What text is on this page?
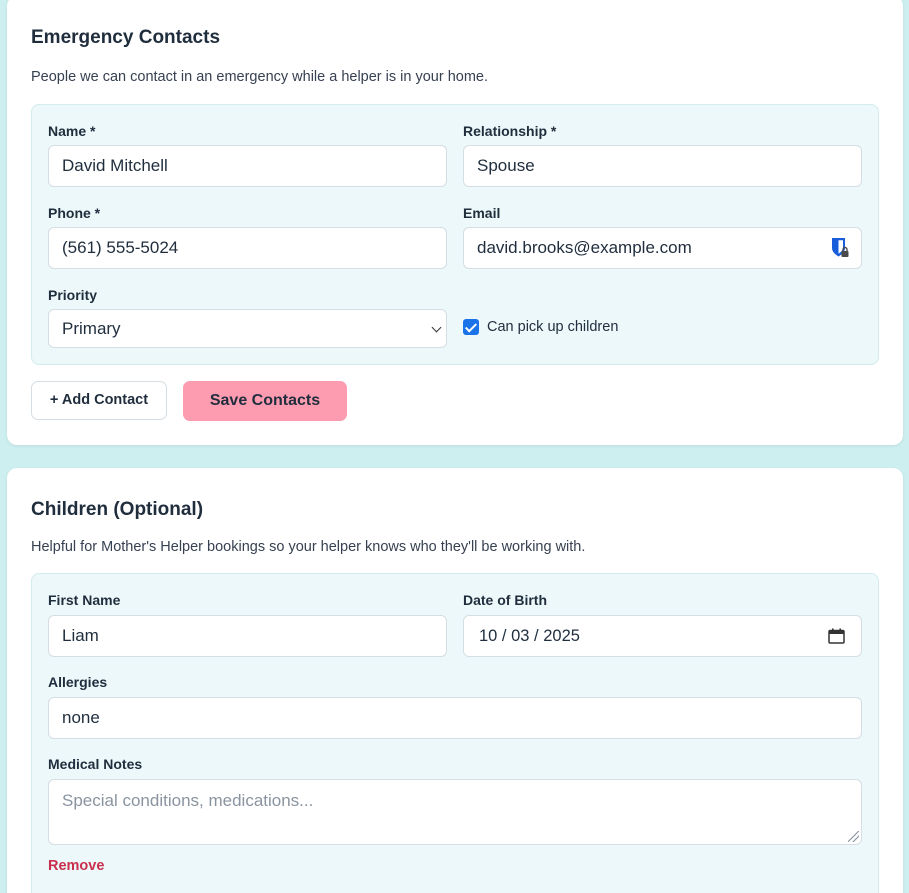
Emergency Contacts
People we can contact in an emergency while a helper is in your home.
Name *
David Mitchell
Relationship *
Spouse
Phone *
(561) 555-5024
Email
david.brooks@example.com
Priority
Primary	Can pick up children
+ Add Contact	Save Contacts
Children (Optional)
Helpful for Mother's Helper bookings so your helper knows who they'll be working with.
First Name
Liam
Date of Birth
10 / 03 / 2025
Allergies
none
Medical Notes
Special conditions, medications...
Remove
